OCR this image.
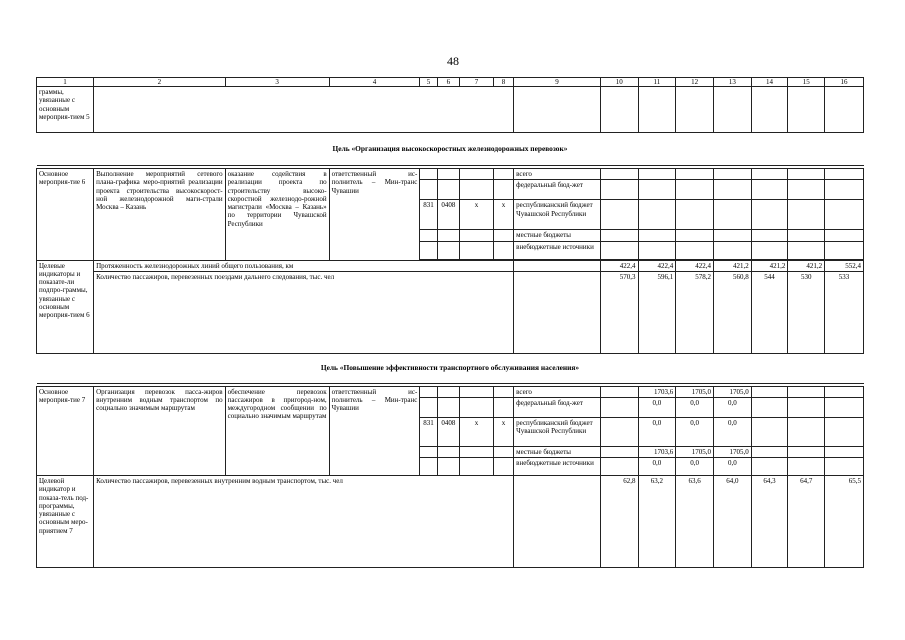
48
1	2	3	4	5	6	7	8	9	10	11	12	13	14	15	16
граммы, увязанные с основным мероприя-тием 5															
Цель «Организация высокоскоростных железнодорожных перевозок»															

Основное мероприя-тие 6	Выполнение мероприятий сетевого плана-графика меро-приятий реализации проекта строительства высокоскорост-ной железнодорожной маги-страли Москва – Казань	оказание содействия в реализации проекта по строительству высоко-скоростной железнодо-рожной магистрали «Москва – Казань» по территории Чувашской Республики	ответственный ис-полнитель – Мин-транс Чувашии					всего							
								федеральный бюд-жет							
				831	0408	x	x	республиканский бюджет Чувашской Республики							
								местные бюджеты							
								внебюджетные источники							

Целевые индикаторы и показате-ли подпро-граммы, увязанные с основным мероприя-тием 6	Протяженность железнодорожных линий общего пользования, км								422,4	422,4	422,4	421,2	421,2	421,2	552,4
	Количество пассажиров, перевезенных поездами дальнего следования, тыс. чел								570,3	596,1	578,2	560,8	544	530	533
Цель «Повышение эффективности транспортного обслуживания населения»															

Основное мероприя-тие 7	Организация перевозок пасса-жиров внутренним водным транспортом по социально значимым маршрутам	обеспечение перевозок пассажиров в пригород-ном, междугородном сообщении по социально значимым маршрутам	ответственный ис-полнитель – Мин-транс Чувашии					всего		1703,6	1705,0	1705,0			
								федеральный бюд-жет		0,0	0,0	0,0			
				831	0408	x	x	республиканский бюджет Чувашской Республики		0,0	0,0	0,0			
								местные бюджеты		1703,6	1705,0	1705,0			
								внебюджетные источники		0,0	0,0	0,0			
Целевой индикатор и показа-тель под-программы, увязанные с основным меро-приятием 7	Количество пассажиров, перевезенных внутренним водным транспортом, тыс. чел								62,8	63,2	63,6	64,0	64,3	64,7	65,5
